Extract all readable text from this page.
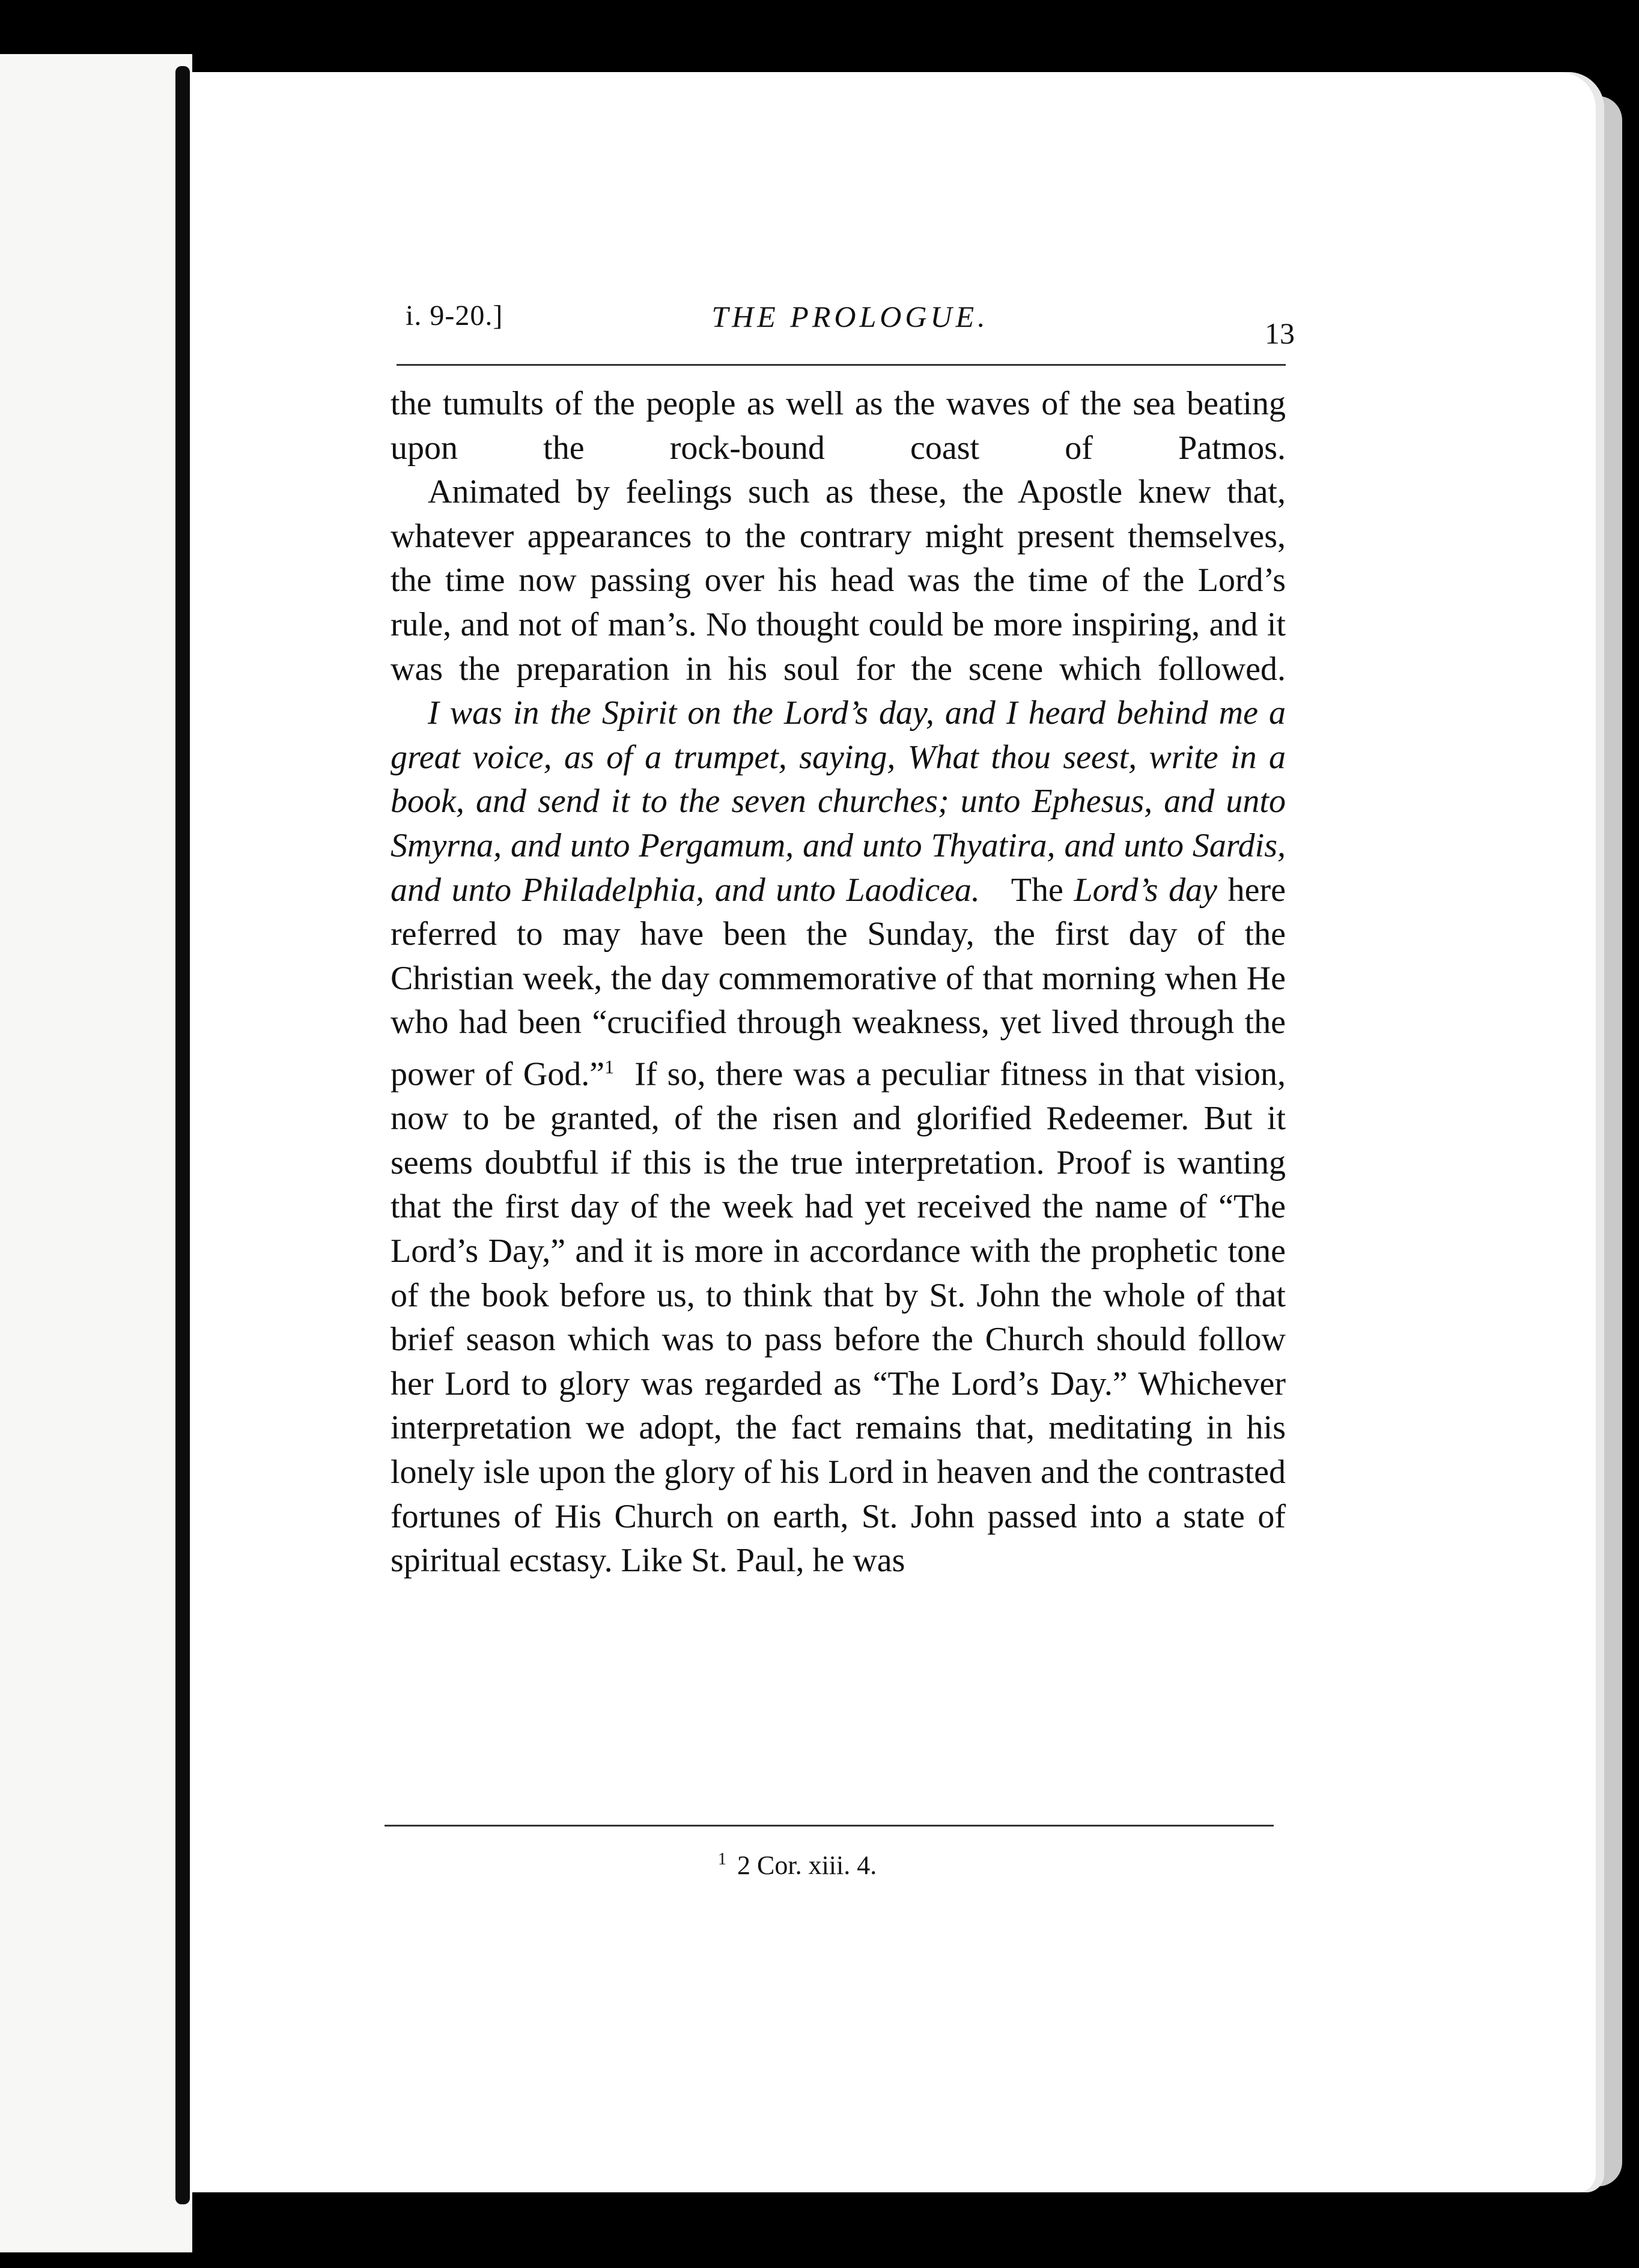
i. 9-20.]	THE PROLOGUE.	13

the tumults of the people as well as the waves of the sea beating upon the rock-bound coast of Patmos.

Animated by feelings such as these, the Apostle knew that, whatever appearances to the contrary might present themselves, the time now passing over his head was the time of the Lord’s rule, and not of man’s. No thought could be more inspiring, and it was the preparation in his soul for the scene which followed.

I was in the Spirit on the Lord’s day, and I heard behind me a great voice, as of a trumpet, saying, What thou seest, write in a book, and send it to the seven churches; unto Ephesus, and unto Smyrna, and unto Pergamum, and unto Thyatira, and unto Sardis, and unto Philadelphia, and unto Laodicea. The Lord’s day here referred to may have been the Sunday, the first day of the Christian week, the day commemorative of that morning when He who had been “crucified through weakness, yet lived through the power of God.”$^1$ If so, there was a peculiar fitness in that vision, now to be granted, of the risen and glorified Redeemer. But it seems doubtful if this is the true interpretation. Proof is wanting that the first day of the week had yet received the name of “The Lord’s Day,” and it is more in accordance with the prophetic tone of the book before us, to think that by St. John the whole of that brief season which was to pass before the Church should follow her Lord to glory was regarded as “The Lord’s Day.” Whichever interpretation we adopt, the fact remains that, meditating in his lonely isle upon the glory of his Lord in heaven and the contrasted fortunes of His Church on earth, St. John passed into a state of spiritual ecstasy. Like St. Paul, he was

$^1$ 2 Cor. xiii. 4.
